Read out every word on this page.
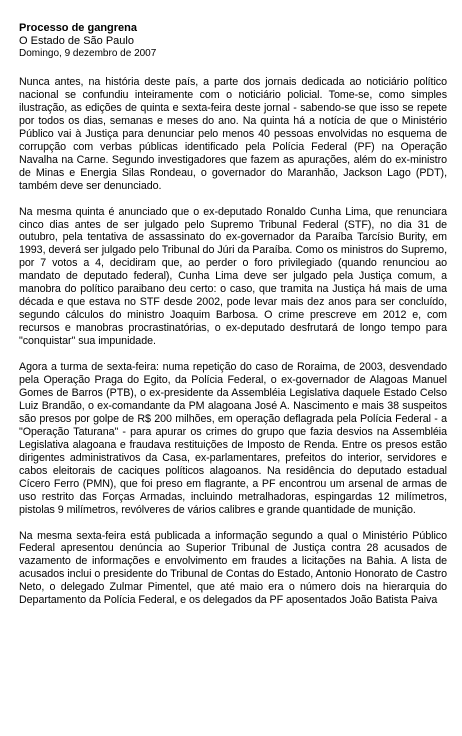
Processo de gangrena

O Estado de São Paulo

Domingo, 9 dezembro de 2007

Nunca antes, na história deste país, a parte dos jornais dedicada ao noticiário político nacional se confundiu inteiramente com o noticiário policial. Tome-se, como simples ilustração, as edições de quinta e sexta-feira deste jornal - sabendo-se que isso se repete por todos os dias, semanas e meses do ano. Na quinta há a notícia de que o Ministério Público vai à Justiça para denunciar pelo menos 40 pessoas envolvidas no esquema de corrupção com verbas públicas identificado pela Polícia Federal (PF) na Operação Navalha na Carne. Segundo investigadores que fazem as apurações, além do ex-ministro de Minas e Energia Silas Rondeau, o governador do Maranhão, Jackson Lago (PDT), também deve ser denunciado.

Na mesma quinta é anunciado que o ex-deputado Ronaldo Cunha Lima, que renunciara cinco dias antes de ser julgado pelo Supremo Tribunal Federal (STF), no dia 31 de outubro, pela tentativa de assassinato do ex-governador da Paraíba Tarcísio Burity, em 1993, deverá ser julgado pelo Tribunal do Júri da Paraíba. Como os ministros do Supremo, por 7 votos a 4, decidiram que, ao perder o foro privilegiado (quando renunciou ao mandato de deputado federal), Cunha Lima deve ser julgado pela Justiça comum, a manobra do político paraibano deu certo: o caso, que tramita na Justiça há mais de uma década e que estava no STF desde 2002, pode levar mais dez anos para ser concluído, segundo cálculos do ministro Joaquim Barbosa. O crime prescreve em 2012 e, com recursos e manobras procrastinatórias, o ex-deputado desfrutará de longo tempo para "conquistar" sua impunidade.

Agora a turma de sexta-feira: numa repetição do caso de Roraima, de 2003, desvendado pela Operação Praga do Egito, da Polícia Federal, o ex-governador de Alagoas Manuel Gomes de Barros (PTB), o ex-presidente da Assembléia Legislativa daquele Estado Celso Luiz Brandão, o ex-comandante da PM alagoana José A. Nascimento e mais 38 suspeitos são presos por golpe de R$ 200 milhões, em operação deflagrada pela Polícia Federal - a "Operação Taturana" - para apurar os crimes do grupo que fazia desvios na Assembléia Legislativa alagoana e fraudava restituições de Imposto de Renda. Entre os presos estão dirigentes administrativos da Casa, ex-parlamentares, prefeitos do interior, servidores e cabos eleitorais de caciques políticos alagoanos. Na residência do deputado estadual Cícero Ferro (PMN), que foi preso em flagrante, a PF encontrou um arsenal de armas de uso restrito das Forças Armadas, incluindo metralhadoras, espingardas 12 milímetros, pistolas 9 milímetros, revólveres de vários calibres e grande quantidade de munição.

Na mesma sexta-feira está publicada a informação segundo a qual o Ministério Público Federal apresentou denúncia ao Superior Tribunal de Justiça contra 28 acusados de vazamento de informações e envolvimento em fraudes a licitações na Bahia. A lista de acusados inclui o presidente do Tribunal de Contas do Estado, Antonio Honorato de Castro Neto, o delegado Zulmar Pimentel, que até maio era o número dois na hierarquia do Departamento da Polícia Federal, e os delegados da PF aposentados João Batista Paiva
